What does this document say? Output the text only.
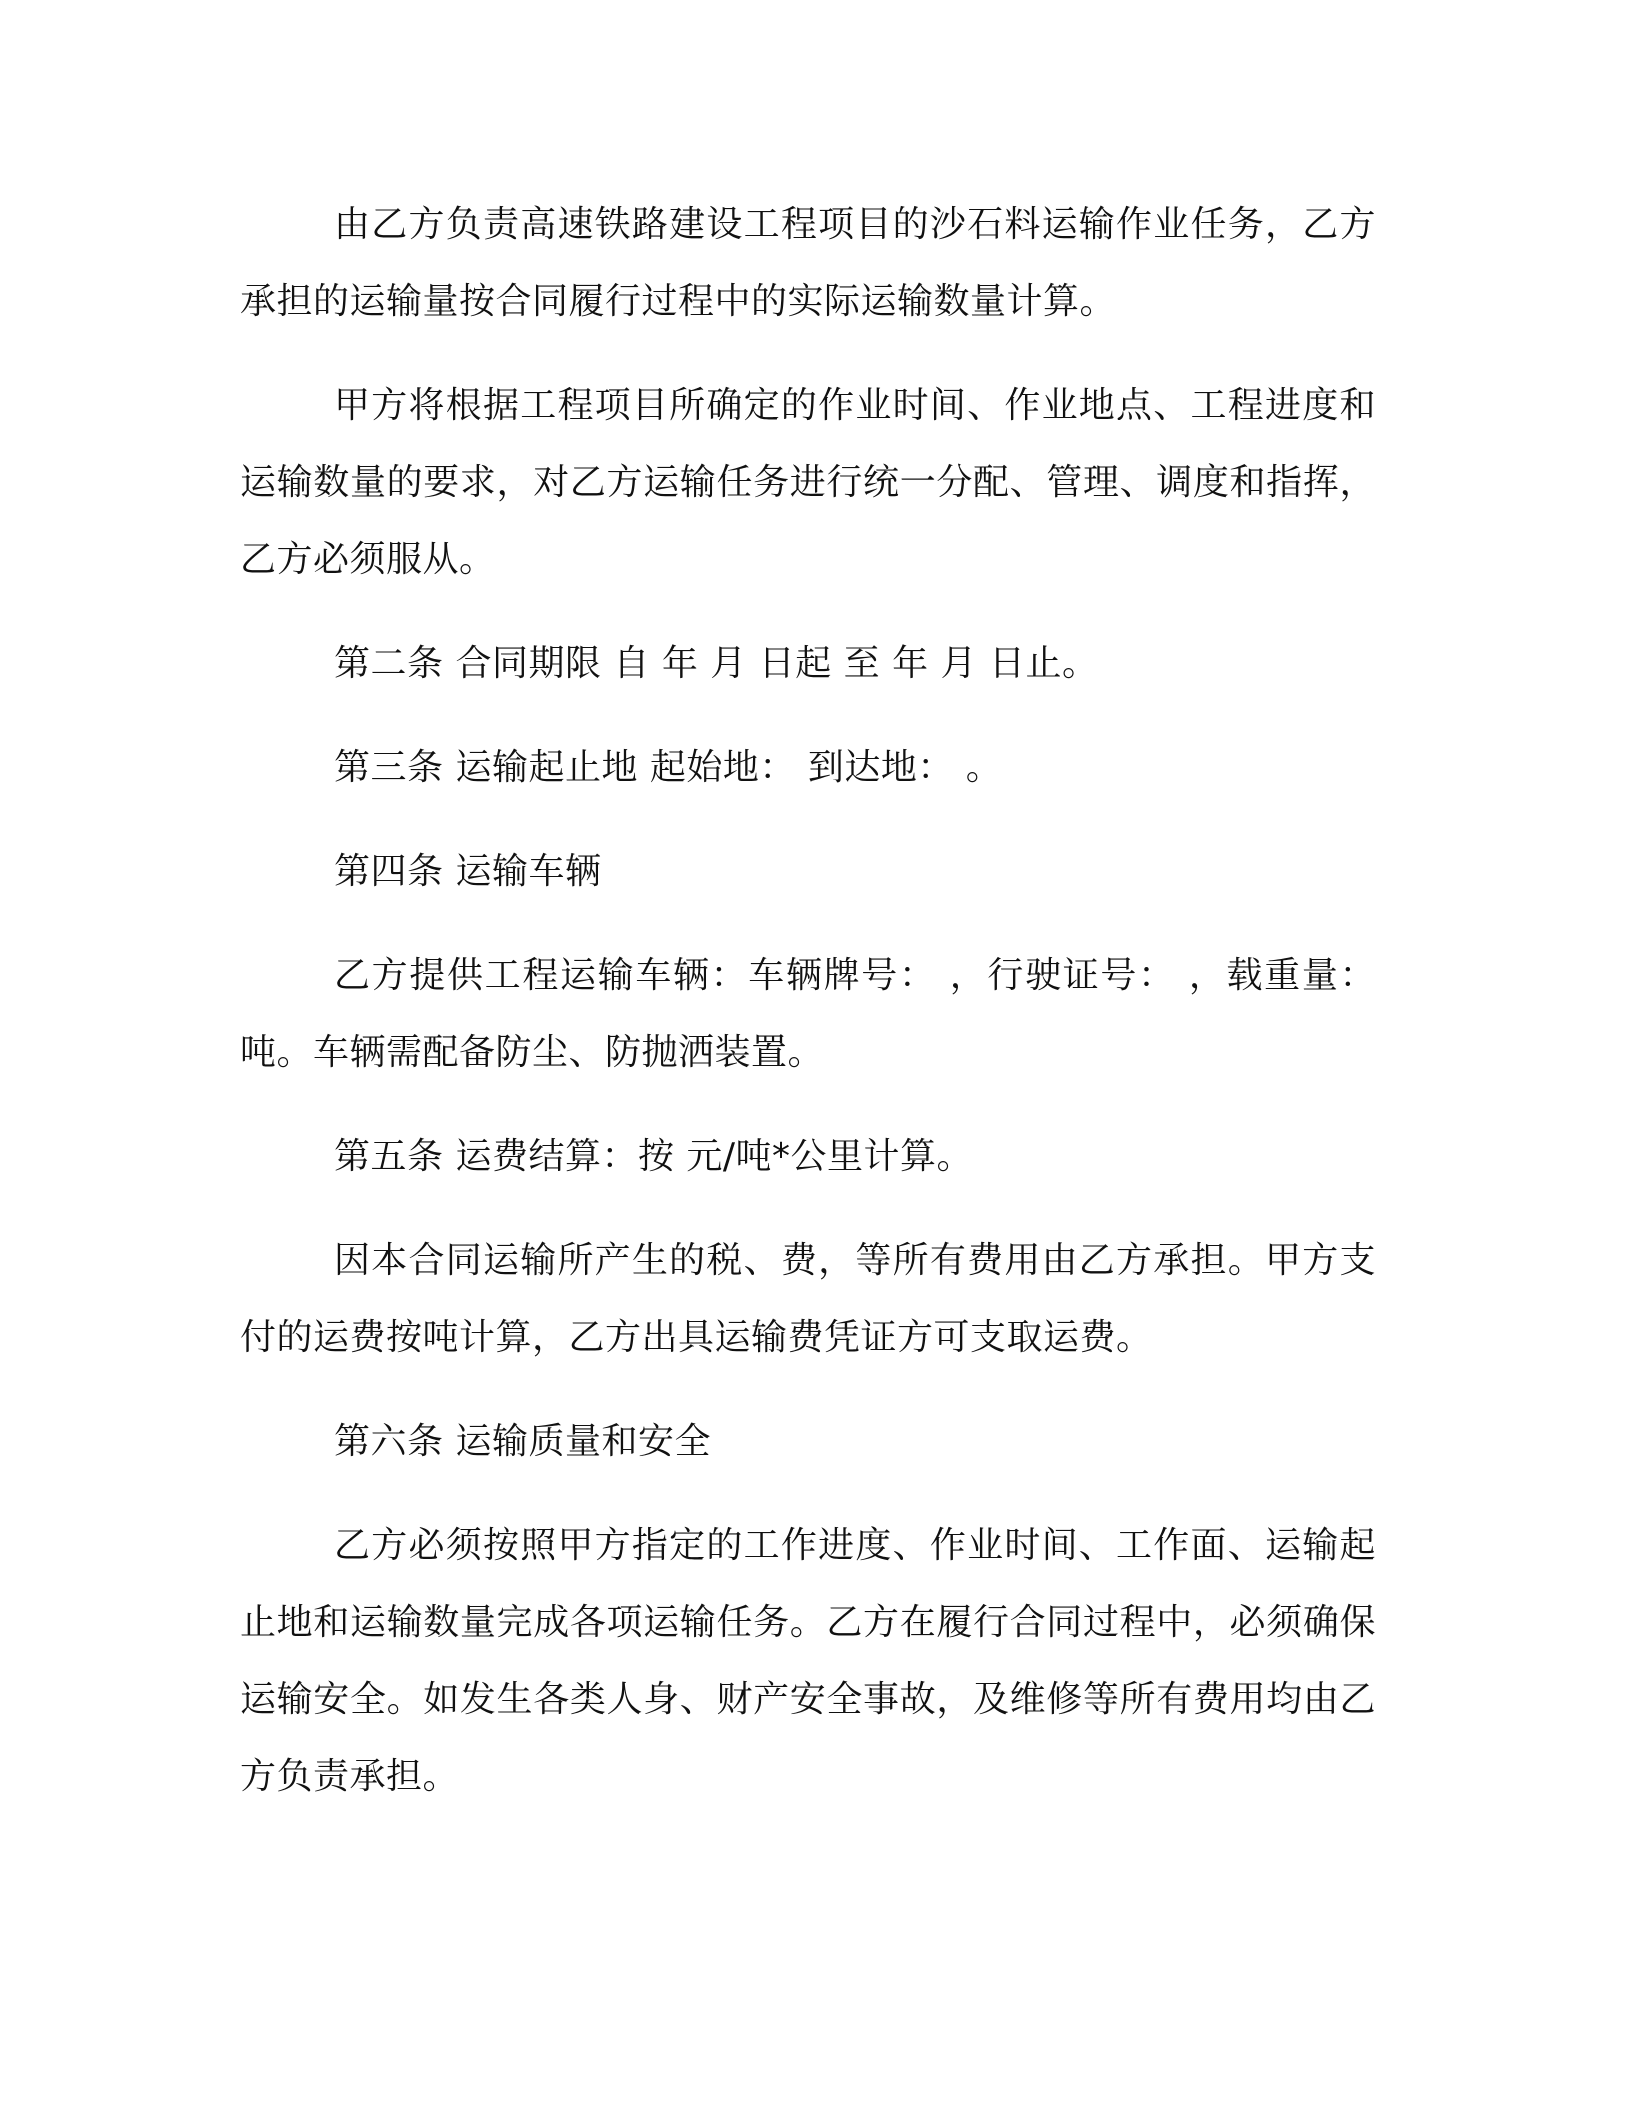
由乙方负责高速铁路建设工程项目的沙石料运输作业任务，乙方承担的运输量按合同履行过程中的实际运输数量计算。

甲方将根据工程项目所确定的作业时间、作业地点、工程进度和运输数量的要求，对乙方运输任务进行统一分配、管理、调度和指挥，乙方必须服从。

第二条 合同期限 自 年 月 日起 至 年 月 日止。

第三条 运输起止地 起始地： 到达地： 。

第四条 运输车辆

乙方提供工程运输车辆：车辆牌号： ，行驶证号： ，载重量： 吨。车辆需配备防尘、防抛洒装置。

第五条 运费结算：按 元/吨*公里计算。

因本合同运输所产生的税、费，等所有费用由乙方承担。甲方支付的运费按吨计算，乙方出具运输费凭证方可支取运费。

第六条 运输质量和安全

乙方必须按照甲方指定的工作进度、作业时间、工作面、运输起止地和运输数量完成各项运输任务。乙方在履行合同过程中，必须确保运输安全。如发生各类人身、财产安全事故，及维修等所有费用均由乙方负责承担。
